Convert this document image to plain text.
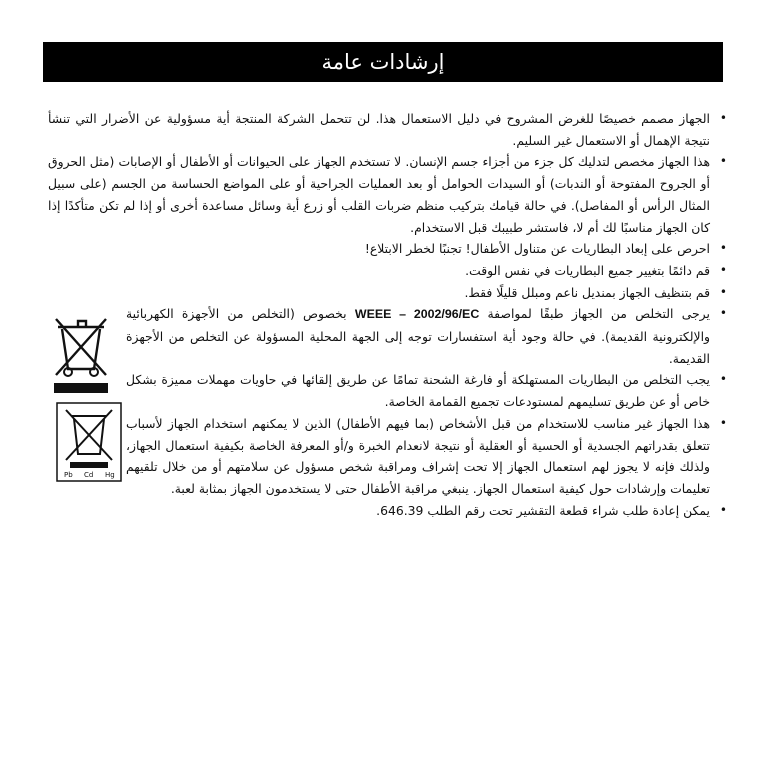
إرشادات عامة
• الجهاز مصمم خصيصًا للغرض المشروح في دليل الاستعمال هذا. لن تتحمل الشركة المنتجة أية مسؤولية عن الأضرار التي تنشأ نتيجة الإهمال أو الاستعمال غير السليم.
• هذا الجهاز مخصص لتدليك كل جزء من أجزاء جسم الإنسان. لا تستخدم الجهاز على الحيوانات أو الأطفال أو الإصابات (مثل الحروق أو الجروح المفتوحة أو الندبات) أو السيدات الحوامل أو بعد العمليات الجراحية أو على المواضع الحساسة من الجسم (على سبيل المثال الرأس أو المفاصل). في حالة قيامك بتركيب منظم ضربات القلب أو زرع أية وسائل مساعدة أخرى أو إذا لم تكن متأكدًا إذا كان الجهاز مناسبًا لك أم لا، فاستشر طبيبك قبل الاستخدام.
• احرص على إبعاد البطاريات عن متناول الأطفال! تجنبًا لخطر الابتلاع!
• قم دائمًا بتغيير جميع البطاريات في نفس الوقت.
• قم بتنظيف الجهاز بمنديل ناعم ومبلل قليلًا فقط.
• يرجى التخلص من الجهاز طبقًا لمواصفة WEEE – 2002/96/EC بخصوص (التخلص من الأجهزة الكهربائية والإلكترونية القديمة). في حالة وجود أية استفسارات توجه إلى الجهة المحلية المسؤولة عن التخلص من الأجهزة القديمة.
• يجب التخلص من البطاريات المستهلكة أو فارغة الشحنة تمامًا عن طريق إلقائها في حاويات مهملات مميزة بشكل خاص أو عن طريق تسليمهم لمستودعات تجميع القمامة الخاصة.
• هذا الجهاز غير مناسب للاستخدام من قبل الأشخاص (بما فيهم الأطفال) الذين لا يمكنهم استخدام الجهاز لأسباب تتعلق بقدراتهم الجسدية أو الحسية أو العقلية أو نتيجة لانعدام الخبرة و/أو المعرفة الخاصة بكيفية استعمال الجهاز، ولذلك فإنه لا يجوز لهم استعمال الجهاز إلا تحت إشراف ومراقبة شخص مسؤول عن سلامتهم أو من خلال تلقيهم تعليمات وإرشادات حول كيفية استعمال الجهاز. ينبغي مراقبة الأطفال حتى لا يستخدمون الجهاز بمثابة لعبة.
• يمكن إعادة طلب شراء قطعة التقشير تحت رقم الطلب 646.39.
Pb Cd Hg
